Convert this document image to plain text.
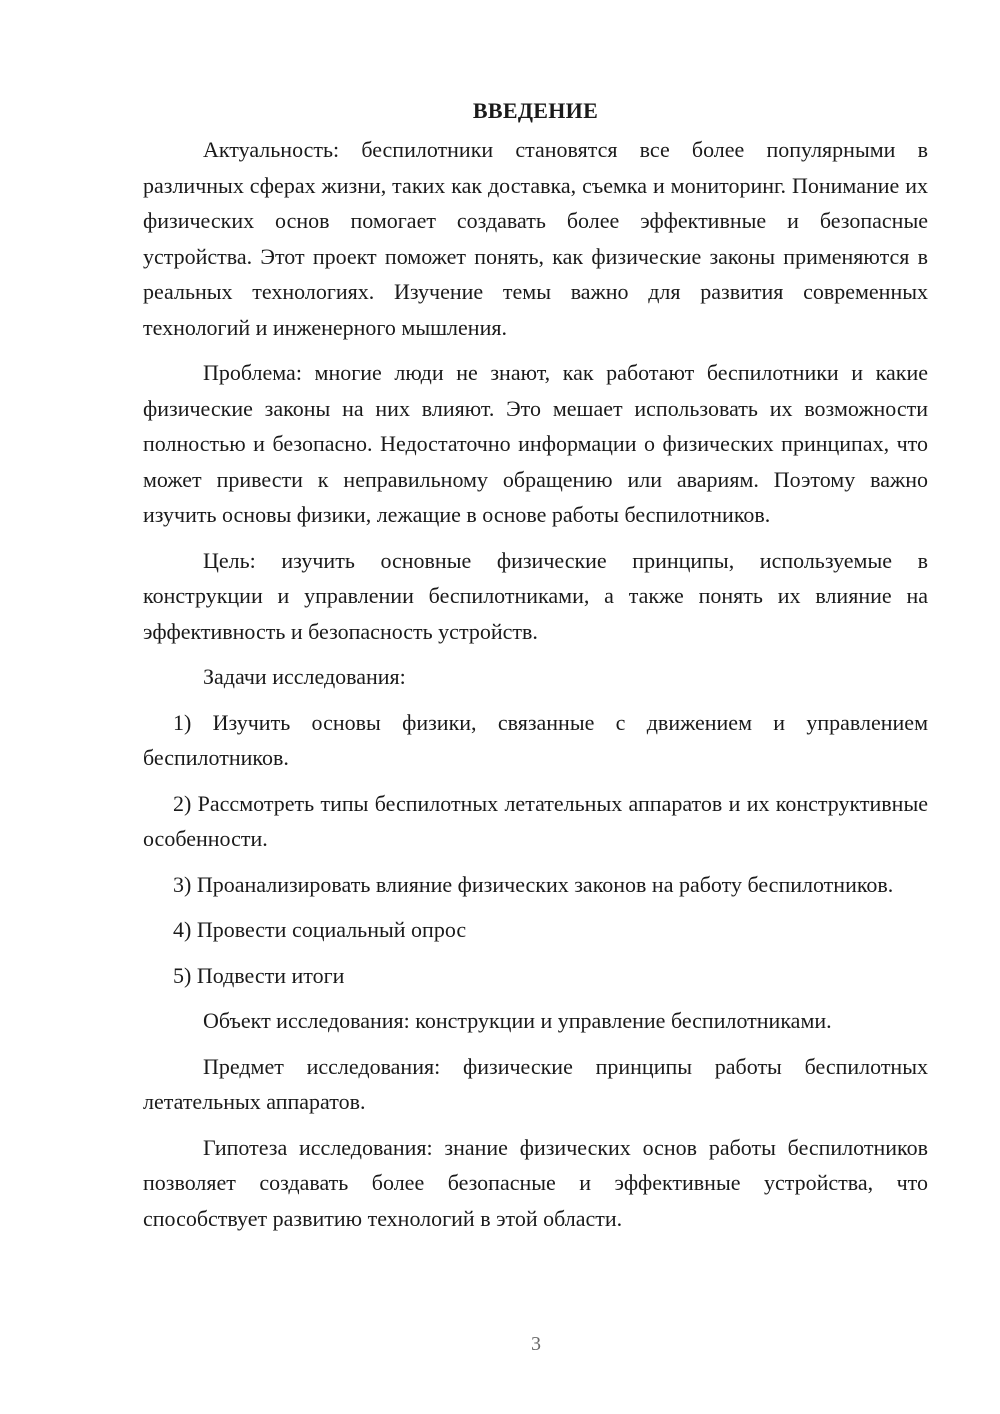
ВВЕДЕНИЕ

Актуальность: беспилотники становятся все более популярными в различных сферах жизни, таких как доставка, съемка и мониторинг. Понимание их физических основ помогает создавать более эффективные и безопасные устройства. Этот проект поможет понять, как физические законы применяются в реальных технологиях. Изучение темы важно для развития современных технологий и инженерного мышления.

Проблема: многие люди не знают, как работают беспилотники и какие физические законы на них влияют. Это мешает использовать их возможности полностью и безопасно. Недостаточно информации о физических принципах, что может привести к неправильному обращению или авариям. Поэтому важно изучить основы физики, лежащие в основе работы беспилотников.

Цель: изучить основные физические принципы, используемые в конструкции и управлении беспилотниками, а также понять их влияние на эффективность и безопасность устройств.

Задачи исследования:

1) Изучить основы физики, связанные с движением и управлением беспилотников.

2) Рассмотреть типы беспилотных летательных аппаратов и их конструктивные особенности.

3) Проанализировать влияние физических законов на работу беспилотников.

4) Провести социальный опрос

5) Подвести итоги

Объект исследования: конструкции и управление беспилотниками.

Предмет исследования: физические принципы работы беспилотных летательных аппаратов.

Гипотеза исследования: знание физических основ работы беспилотников позволяет создавать более безопасные и эффективные устройства, что способствует развитию технологий в этой области.

3
